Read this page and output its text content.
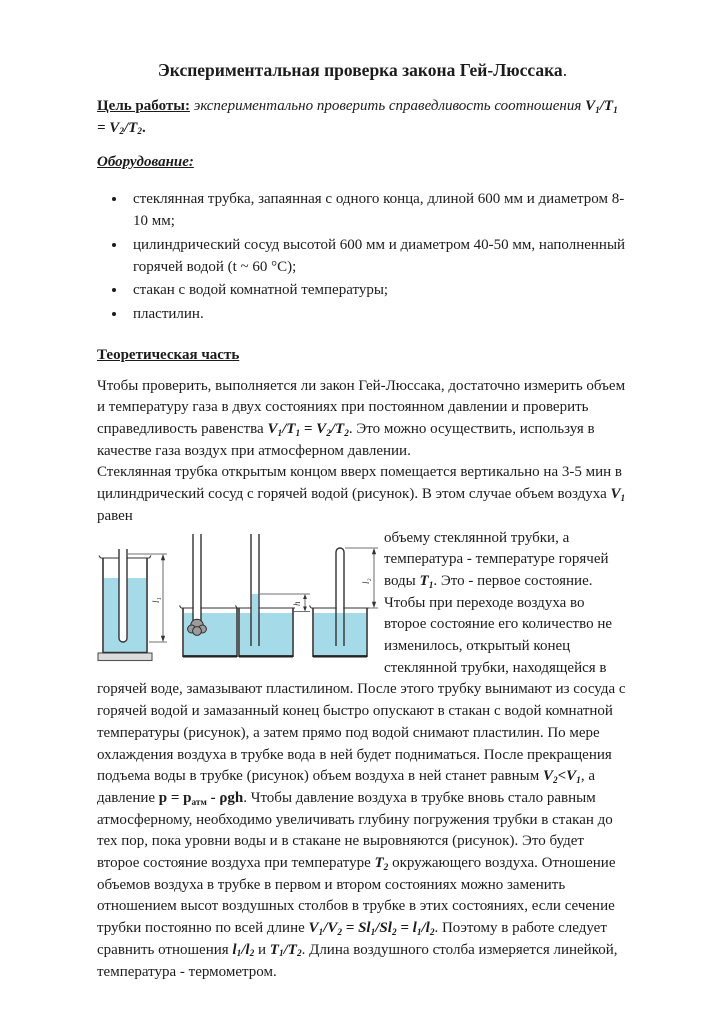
Экспериментальная проверка закона Гей-Люссака.

Цель работы: экспериментально проверить справедливость соотношения $V_1/T_1 = V_2/T_2$.

Оборудование:

• стеклянная трубка, запаянная с одного конца, длиной 600 мм и диаметром 8-10 мм;
• цилиндрический сосуд высотой 600 мм и диаметром 40-50 мм, наполненный горячей водой (t ~ 60 °C);
• стакан с водой комнатной температуры;
• пластилин.

Теоретическая часть

Чтобы проверить, выполняется ли закон Гей-Люссака, достаточно измерить объем и температуру газа в двух состояниях при постоянном давлении и проверить справедливость равенства $V_1/T_1 = V_2/T_2$. Это можно осуществить, используя в качестве газа воздух при атмосферном давлении.

Стеклянная трубка открытым концом вверх помещается вертикально на 3-5 мин в цилиндрический сосуд с горячей водой (рисунок). В этом случае объем воздуха $V_1$ равен

l₁
h
l₂
объему стеклянной трубки, а температура - температуре горячей воды $T_1$. Это - первое состояние. Чтобы при переходе воздуха во второе состояние его количество не изменилось, открытый конец стеклянной трубки, находящейся в горячей воде, замазывают пластилином. После этого трубку вынимают из сосуда с горячей водой и замазанный конец быстро опускают в стакан с водой комнатной температуры (рисунок), а затем прямо под водой снимают пластилин. По мере охлаждения воздуха в трубке вода в ней будет подниматься. После прекращения подъема воды в трубке (рисунок) объем воздуха в ней станет равным $V_2<V_1$, а давление $p = p_{атм} - \rho gh$. Чтобы давление воздуха в трубке вновь стало равным атмосферному, необходимо увеличивать глубину погружения трубки в стакан до тех пор, пока уровни воды и в стакане не выровняются (рисунок). Это будет второе состояние воздуха при температуре $T_2$ окружающего воздуха. Отношение объемов воздуха в трубке в первом и втором состояниях можно заменить отношением высот воздушных столбов в трубке в этих состояниях, если сечение трубки постоянно по всей длине $V_1/V_2 = Sl_1/Sl_2 = l_1/l_2$. Поэтому в работе следует сравнить отношения $l_1/l_2$ и $T_1/T_2$. Длина воздушного столба измеряется линейкой, температура - термометром.
